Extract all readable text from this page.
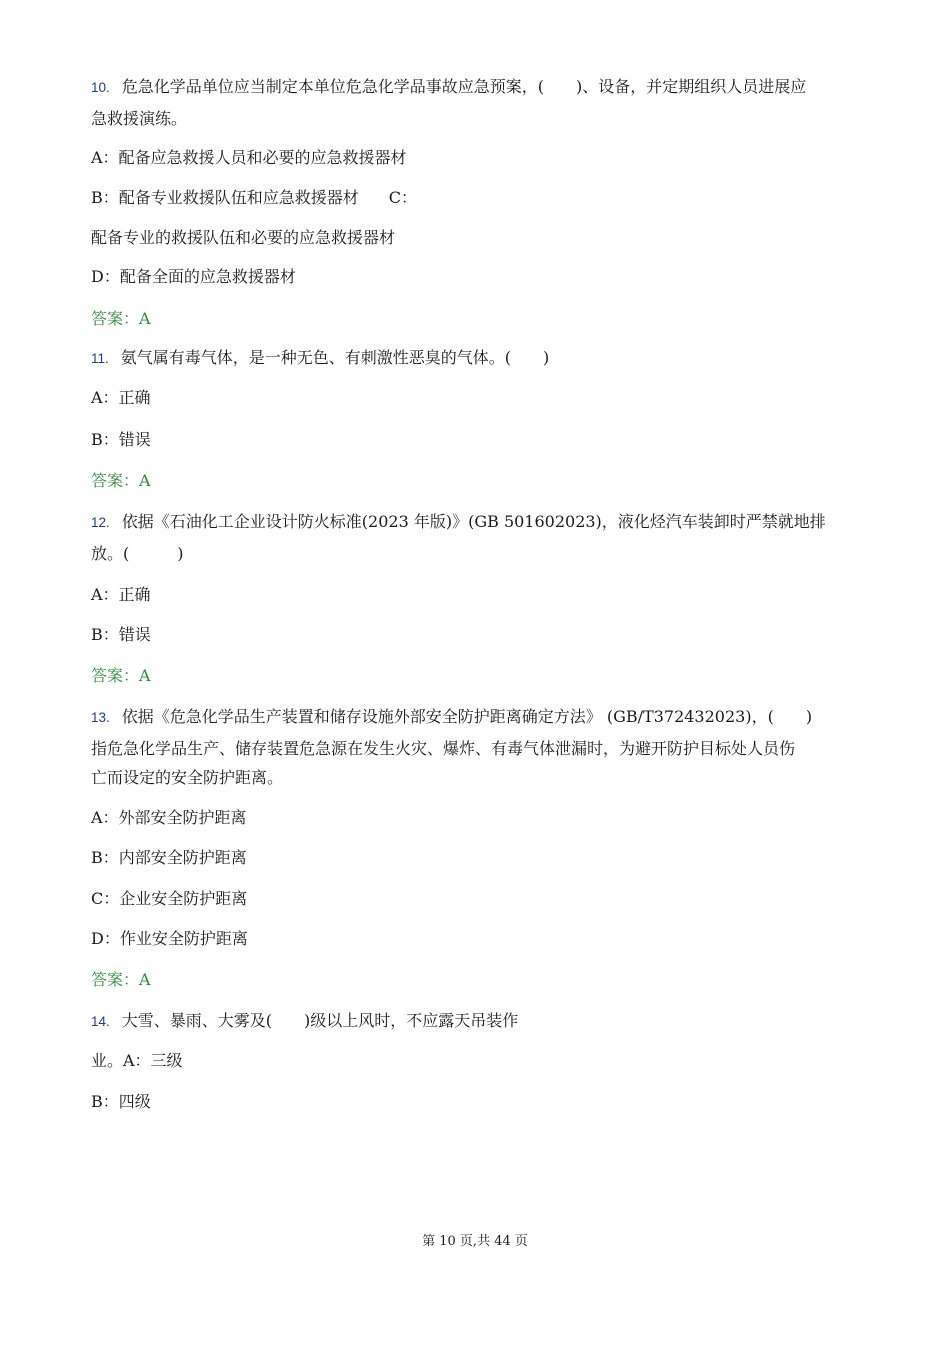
10. 危急化学品单位应当制定本单位危急化学品事故应急预案，(　　)、设备，并定期组织人员进展应

急救援演练。

A：配备应急救援人员和必要的应急救援器材

B：配备专业救援队伍和应急救援器材 C：

配备专业的救援队伍和必要的应急救援器材

D：配备全面的应急救援器材

答案：A

11. 氨气属有毒气体，是一种无色、有刺激性恶臭的气体。(　　)

A：正确

B：错误

答案：A

12. 依据《石油化工企业设计防火标准(2023 年版)》(GB 501602023)，液化烃汽车装卸时严禁就地排

放。(　　　)

A：正确

B：错误

答案：A

13. 依据《危急化学品生产装置和储存设施外部安全防护距离确定方法》 (GB/T372432023)，(　　)

指危急化学品生产、储存装置危急源在发生火灾、爆炸、有毒气体泄漏时，为避开防护目标处人员伤

亡而设定的安全防护距离。

A：外部安全防护距离

B：内部安全防护距离

C：企业安全防护距离

D：作业安全防护距离

答案：A

14. 大雪、暴雨、大雾及(　　)级以上风时，不应露天吊装作

业。A：三级

B：四级

第 10 页,共 44 页
